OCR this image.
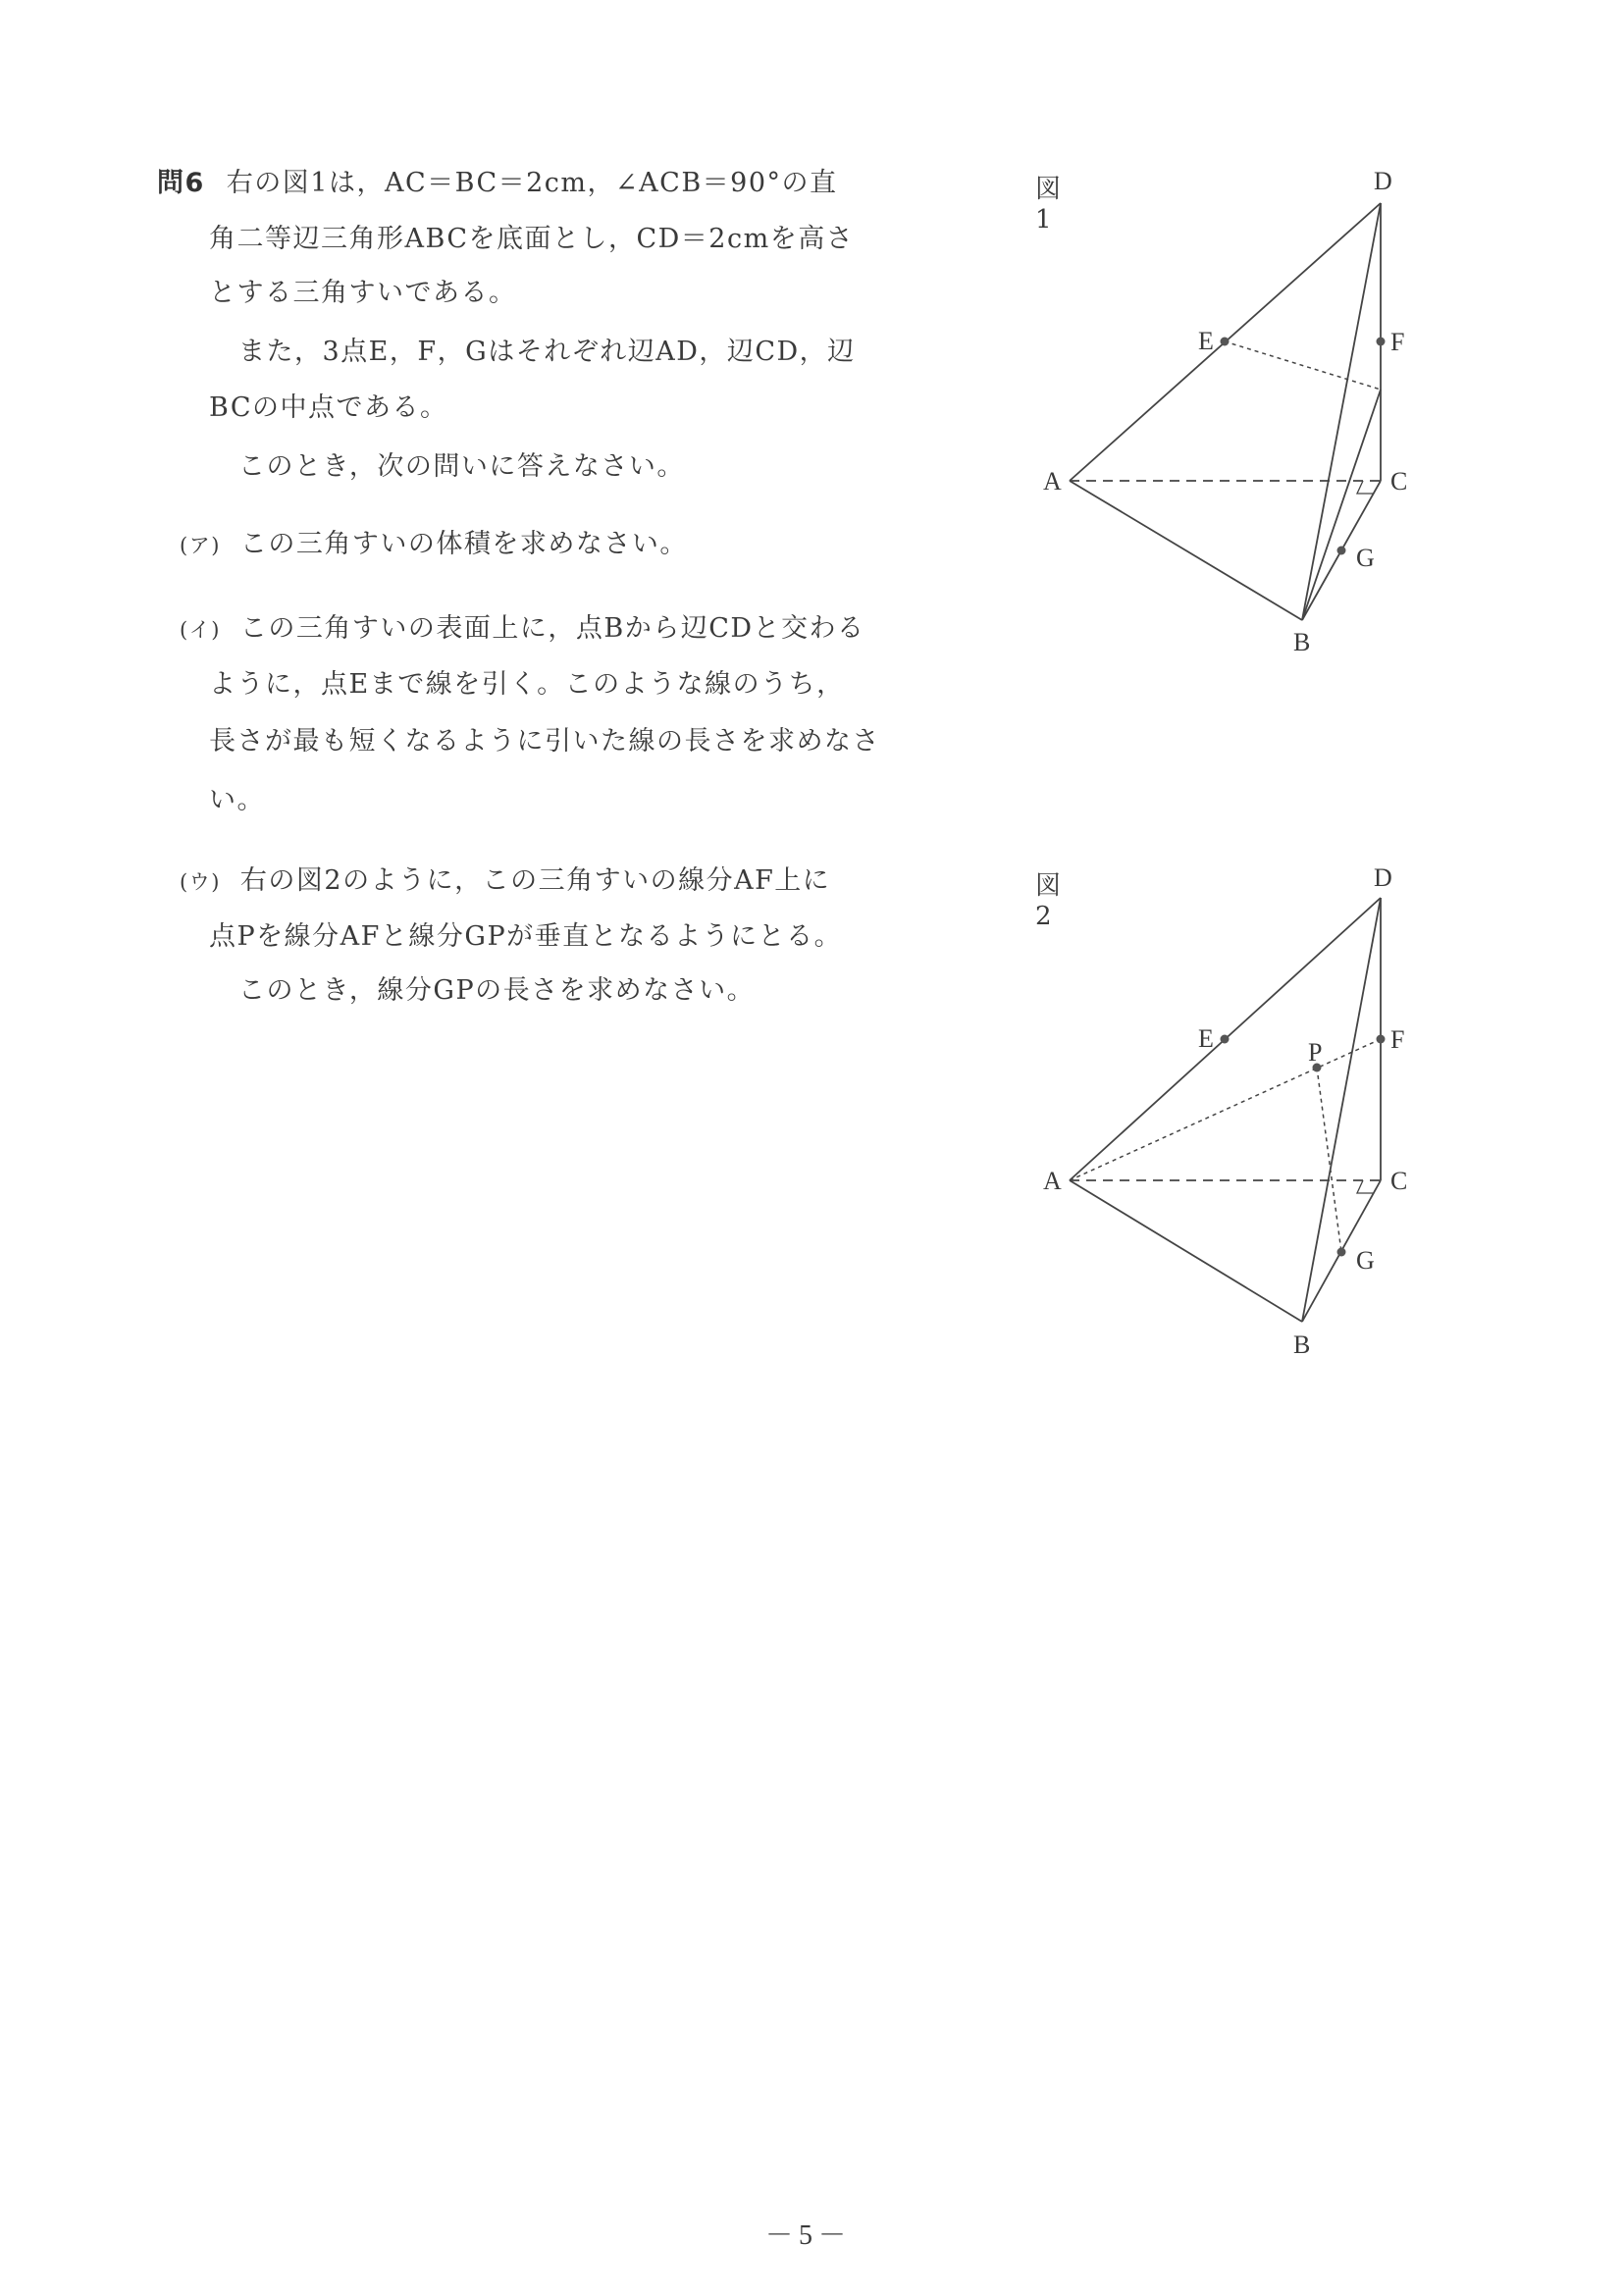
問6 右の図1は，AC＝BC＝2cm，∠ACB＝90°の直
角二等辺三角形ABCを底面とし，CD＝2cmを高さ
とする三角すいである。
また，3点E，F，Gはそれぞれ辺AD，辺CD，辺
BCの中点である。
このとき，次の問いに答えなさい。
(ア) この三角すいの体積を求めなさい。
(イ) この三角すいの表面上に，点Bから辺CDと交わる
ように，点Eまで線を引く。このような線のうち，
長さが最も短くなるように引いた線の長さを求めなさ
い。
(ウ) 右の図2のように，この三角すいの線分AF上に
点Pを線分AFと線分GPが垂直となるようにとる。
このとき，線分GPの長さを求めなさい。
図1
D
E	F
A	C
G
B
図2
D
E	F
P
A	C
G
B
－5－
